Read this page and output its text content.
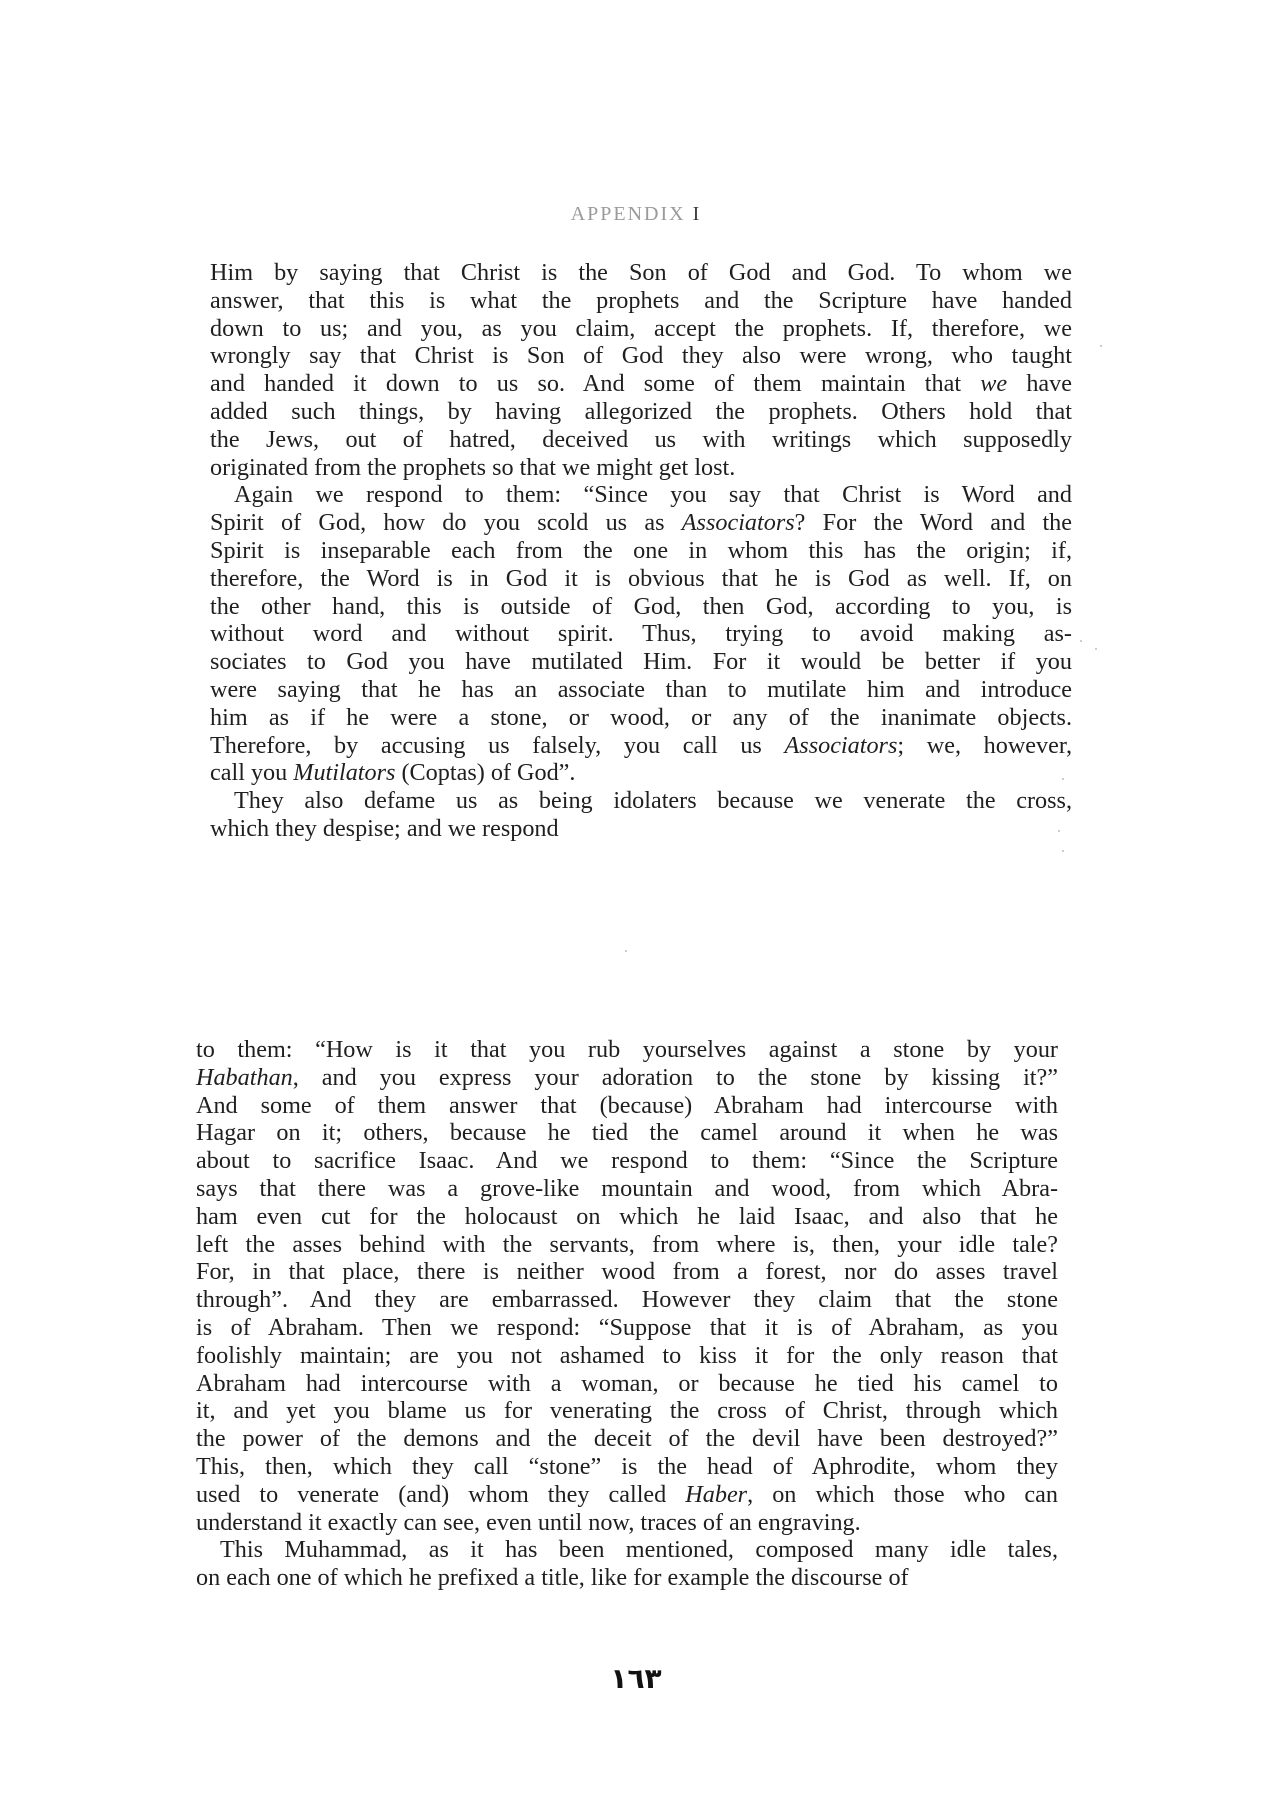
APPENDIX I
Him by saying that Christ is the Son of God and God. To whom we
answer, that this is what the prophets and the Scripture have handed
down to us; and you, as you claim, accept the prophets. If, therefore, we
wrongly say that Christ is Son of God they also were wrong, who taught
and handed it down to us so. And some of them maintain that we have
added such things, by having allegorized the prophets. Others hold that
the Jews, out of hatred, deceived us with writings which supposedly
originated from the prophets so that we might get lost.
Again we respond to them: “Since you say that Christ is Word and
Spirit of God, how do you scold us as Associators? For the Word and the
Spirit is inseparable each from the one in whom this has the origin; if,
therefore, the Word is in God it is obvious that he is God as well. If, on
the other hand, this is outside of God, then God, according to you, is
without word and without spirit. Thus, trying to avoid making as-
sociates to God you have mutilated Him. For it would be better if you
were saying that he has an associate than to mutilate him and introduce
him as if he were a stone, or wood, or any of the inanimate objects.
Therefore, by accusing us falsely, you call us Associators; we, however,
call you Mutilators (Coptas) of God”.
They also defame us as being idolaters because we venerate the cross,
which they despise; and we respond
to them: “How is it that you rub yourselves against a stone by your
Habathan, and you express your adoration to the stone by kissing it?”
And some of them answer that (because) Abraham had intercourse with
Hagar on it; others, because he tied the camel around it when he was
about to sacrifice Isaac. And we respond to them: “Since the Scripture
says that there was a grove-like mountain and wood, from which Abra-
ham even cut for the holocaust on which he laid Isaac, and also that he
left the asses behind with the servants, from where is, then, your idle tale?
For, in that place, there is neither wood from a forest, nor do asses travel
through”. And they are embarrassed. However they claim that the stone
is of Abraham. Then we respond: “Suppose that it is of Abraham, as you
foolishly maintain; are you not ashamed to kiss it for the only reason that
Abraham had intercourse with a woman, or because he tied his camel to
it, and yet you blame us for venerating the cross of Christ, through which
the power of the demons and the deceit of the devil have been destroyed?”
This, then, which they call “stone” is the head of Aphrodite, whom they
used to venerate (and) whom they called Haber, on which those who can
understand it exactly can see, even until now, traces of an engraving.
This Muhammad, as it has been mentioned, composed many idle tales,
on each one of which he prefixed a title, like for example the discourse of
١٦٣
